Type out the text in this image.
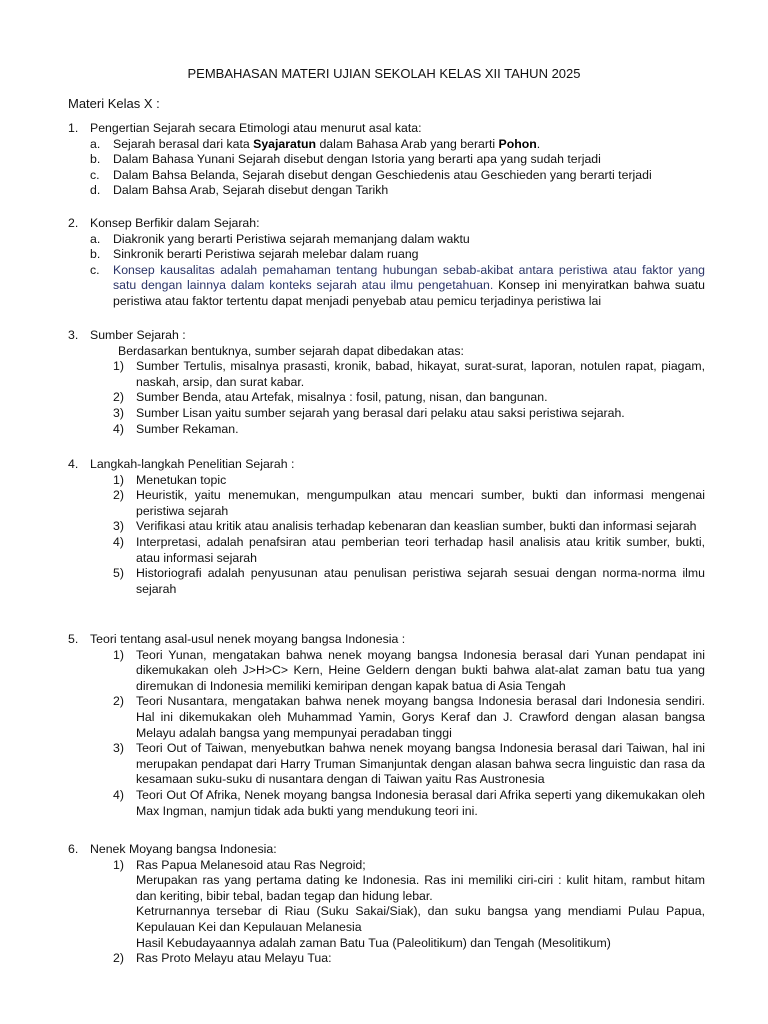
PEMBAHASAN MATERI UJIAN SEKOLAH KELAS XII TAHUN 2025
Materi Kelas X :
1. Pengertian Sejarah secara Etimologi atau menurut asal kata:
a. Sejarah berasal dari kata Syajaratun dalam Bahasa Arab yang berarti Pohon.
b. Dalam Bahasa Yunani Sejarah disebut dengan Istoria yang berarti apa yang sudah terjadi
c. Dalam Bahsa Belanda, Sejarah disebut dengan Geschiedenis atau Geschieden yang berarti terjadi
d. Dalam Bahsa Arab, Sejarah disebut dengan Tarikh
2. Konsep Berfikir dalam Sejarah:
a. Diakronik yang berarti Peristiwa sejarah memanjang dalam waktu
b. Sinkronik berarti Peristiwa sejarah melebar dalam ruang
c. Konsep kausalitas adalah pemahaman tentang hubungan sebab-akibat antara peristiwa atau faktor yang satu dengan lainnya dalam konteks sejarah atau ilmu pengetahuan. Konsep ini menyiratkan bahwa suatu peristiwa atau faktor tertentu dapat menjadi penyebab atau pemicu terjadinya peristiwa lai
3. Sumber Sejarah :
Berdasarkan bentuknya, sumber sejarah dapat dibedakan atas:
1) Sumber Tertulis, misalnya prasasti, kronik, babad, hikayat, surat-surat, laporan, notulen rapat, piagam, naskah, arsip, dan surat kabar.
2) Sumber Benda, atau Artefak, misalnya : fosil, patung, nisan, dan bangunan.
3) Sumber Lisan yaitu sumber sejarah yang berasal dari pelaku atau saksi peristiwa sejarah.
4) Sumber Rekaman.
4. Langkah-langkah Penelitian Sejarah :
1) Menetukan topic
2) Heuristik, yaitu menemukan, mengumpulkan atau mencari sumber, bukti dan informasi mengenai peristiwa sejarah
3) Verifikasi atau kritik atau analisis terhadap kebenaran dan keaslian sumber, bukti dan informasi sejarah
4) Interpretasi, adalah penafsiran atau pemberian teori terhadap hasil analisis atau kritik sumber, bukti, atau informasi sejarah
5) Historiografi adalah penyusunan atau penulisan peristiwa sejarah sesuai dengan norma-norma ilmu sejarah
5. Teori tentang asal-usul nenek moyang bangsa Indonesia :
1) Teori Yunan, mengatakan bahwa nenek moyang bangsa Indonesia berasal dari Yunan pendapat ini dikemukakan oleh J>H>C> Kern, Heine Geldern dengan bukti bahwa alat-alat zaman batu tua yang diremukan di Indonesia memiliki kemiripan dengan kapak batua di Asia Tengah
2) Teori Nusantara, mengatakan bahwa nenek moyang bangsa Indonesia berasal dari Indonesia sendiri. Hal ini dikemukakan oleh Muhammad Yamin, Gorys Keraf dan J. Crawford dengan alasan bangsa Melayu adalah bangsa yang mempunyai peradaban tinggi
3) Teori Out of Taiwan, menyebutkan bahwa nenek moyang bangsa Indonesia berasal dari Taiwan, hal ini merupakan pendapat dari Harry Truman Simanjuntak dengan alasan bahwa secra linguistic dan rasa da kesamaan suku-suku di nusantara dengan di Taiwan yaitu Ras Austronesia
4) Teori Out Of Afrika, Nenek moyang bangsa Indonesia berasal dari Afrika seperti yang dikemukakan oleh Max Ingman, namjun tidak ada bukti yang mendukung teori ini.
6. Nenek Moyang bangsa Indonesia:
1) Ras Papua Melanesoid atau Ras Negroid;
Merupakan ras yang pertama dating ke Indonesia. Ras ini memiliki ciri-ciri : kulit hitam, rambut hitam dan keriting, bibir tebal, badan tegap dan hidung lebar.
Ketrurnannya tersebar di Riau (Suku Sakai/Siak), dan suku bangsa yang mendiami Pulau Papua, Kepulauan Kei dan Kepulauan Melanesia
Hasil Kebudayaannya adalah zaman Batu Tua (Paleolitikum) dan Tengah (Mesolitikum)
2) Ras Proto Melayu atau Melayu Tua:
